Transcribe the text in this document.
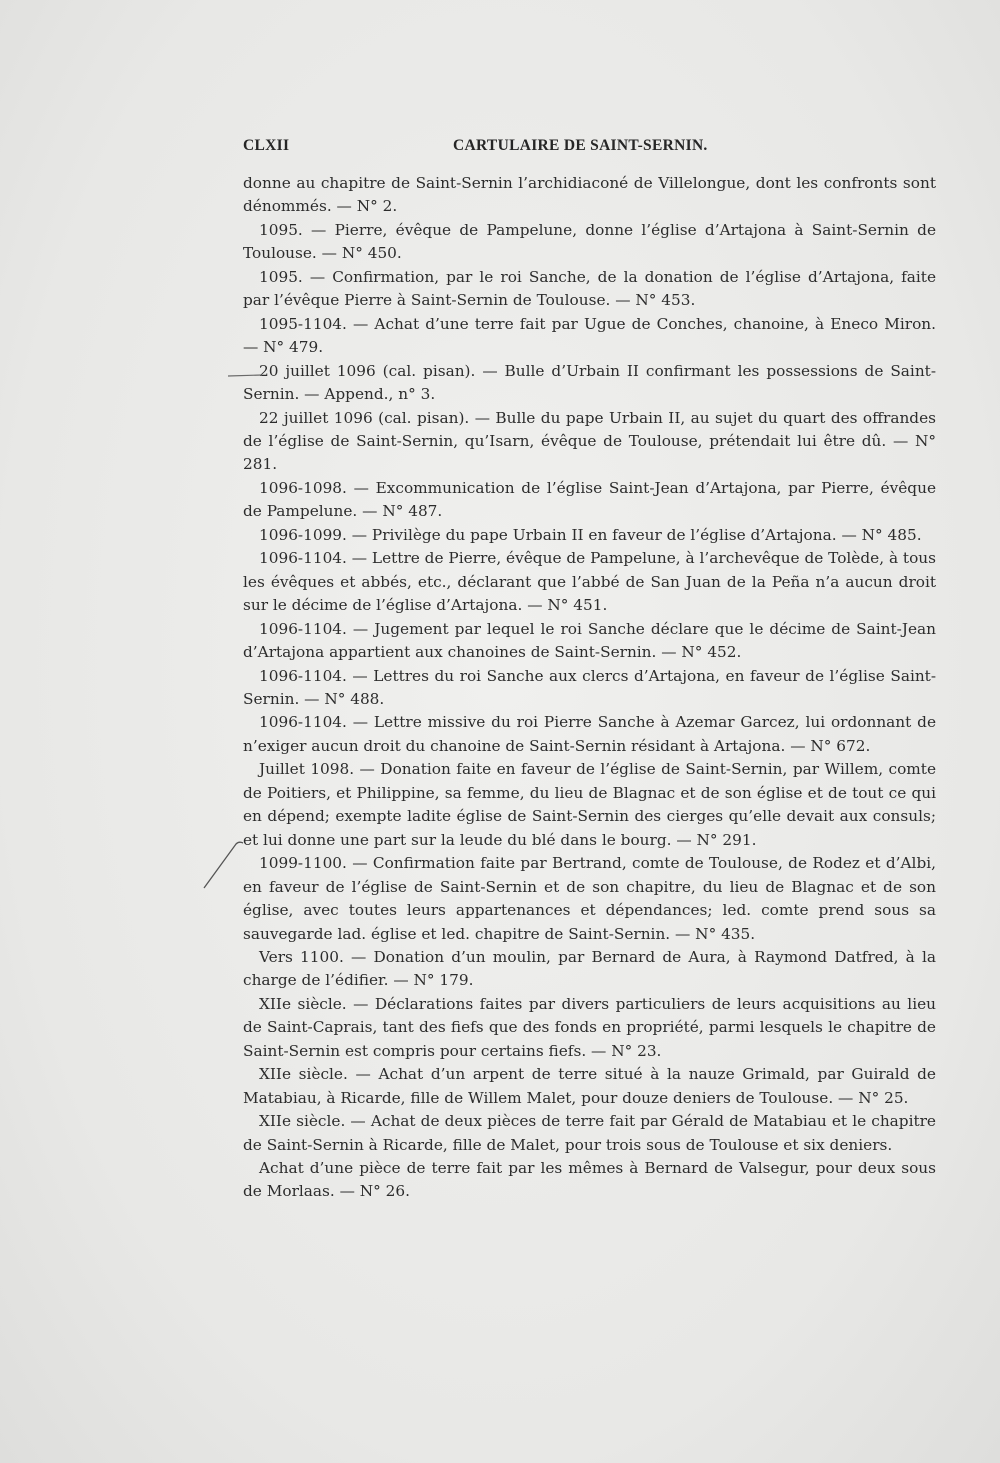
CLXII	CARTULAIRE DE SAINT-SERNIN.

donne au chapitre de Saint-Sernin l’archidiaconé de Villelongue, dont les confronts sont dénommés. — N° 2.

1095. — Pierre, évêque de Pampelune, donne l’église d’Artajona à Saint-Sernin de Toulouse. — N° 450.

1095. — Confirmation, par le roi Sanche, de la donation de l’église d’Artajona, faite par l’évêque Pierre à Saint-Sernin de Toulouse. — N° 453.

1095-1104. — Achat d’une terre fait par Ugue de Conches, chanoine, à Eneco Miron. — N° 479.

20 juillet 1096 (cal. pisan). — Bulle d’Urbain II confirmant les possessions de Saint-Sernin. — Append., n° 3.

22 juillet 1096 (cal. pisan). — Bulle du pape Urbain II, au sujet du quart des offrandes de l’église de Saint-Sernin, qu’Isarn, évêque de Toulouse, prétendait lui être dû. — N° 281.

1096-1098. — Excommunication de l’église Saint-Jean d’Artajona, par Pierre, évêque de Pampelune. — N° 487.

1096-1099. — Privilège du pape Urbain II en faveur de l’église d’Artajona. — N° 485.

1096-1104. — Lettre de Pierre, évêque de Pampelune, à l’archevêque de Tolède, à tous les évêques et abbés, etc., déclarant que l’abbé de San Juan de la Peña n’a aucun droit sur le décime de l’église d’Artajona. — N° 451.

1096-1104. — Jugement par lequel le roi Sanche déclare que le décime de Saint-Jean d’Artajona appartient aux chanoines de Saint-Sernin. — N° 452.

1096-1104. — Lettres du roi Sanche aux clercs d’Artajona, en faveur de l’église Saint-Sernin. — N° 488.

1096-1104. — Lettre missive du roi Pierre Sanche à Azemar Garcez, lui ordonnant de n’exiger aucun droit du chanoine de Saint-Sernin résidant à Artajona. — N° 672.

Juillet 1098. — Donation faite en faveur de l’église de Saint-Sernin, par Willem, comte de Poitiers, et Philippine, sa femme, du lieu de Blagnac et de son église et de tout ce qui en dépend; exempte ladite église de Saint-Sernin des cierges qu’elle devait aux consuls; et lui donne une part sur la leude du blé dans le bourg. — N° 291.

1099-1100. — Confirmation faite par Bertrand, comte de Toulouse, de Rodez et d’Albi, en faveur de l’église de Saint-Sernin et de son chapitre, du lieu de Blagnac et de son église, avec toutes leurs appartenances et dépendances; led. comte prend sous sa sauvegarde lad. église et led. chapitre de Saint-Sernin. — N° 435.

Vers 1100. — Donation d’un moulin, par Bernard de Aura, à Raymond Datfred, à la charge de l’édifier. — N° 179.

XIIe siècle. — Déclarations faites par divers particuliers de leurs acquisitions au lieu de Saint-Caprais, tant des fiefs que des fonds en propriété, parmi lesquels le chapitre de Saint-Sernin est compris pour certains fiefs. — N° 23.

XIIe siècle. — Achat d’un arpent de terre situé à la nauze Grimald, par Guirald de Matabiau, à Ricarde, fille de Willem Malet, pour douze deniers de Toulouse. — N° 25.

XIIe siècle. — Achat de deux pièces de terre fait par Gérald de Matabiau et le chapitre de Saint-Sernin à Ricarde, fille de Malet, pour trois sous de Toulouse et six deniers.

Achat d’une pièce de terre fait par les mêmes à Bernard de Valsegur, pour deux sous de Morlaas. — N° 26.
